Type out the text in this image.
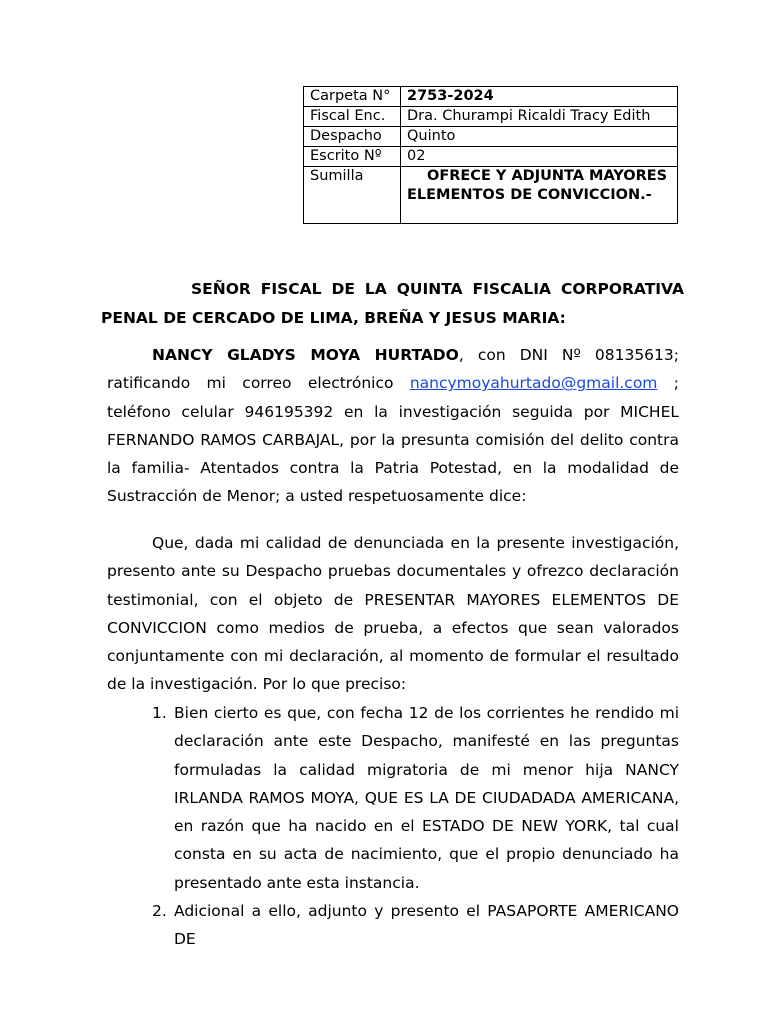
Carpeta N°	2753-2024
Fiscal Enc.	Dra. Churampi Ricaldi Tracy Edith
Despacho	Quinto
Escrito Nº	02
Sumilla	OFRECE Y ADJUNTA MAYORES ELEMENTOS DE CONVICCION.-
SEÑOR FISCAL DE LA QUINTA FISCALIA CORPORATIVA
PENAL DE CERCADO DE LIMA, BREÑA Y JESUS MARIA:
NANCY GLADYS MOYA HURTADO, con DNI Nº 08135613; ratificando mi correo electrónico nancymoyahurtado@gmail.com ; teléfono celular 946195392 en la investigación seguida por MICHEL FERNANDO RAMOS CARBAJAL, por la presunta comisión del delito contra la familia- Atentados contra la Patria Potestad, en la modalidad de Sustracción de Menor; a usted respetuosamente dice:
Que, dada mi calidad de denunciada en la presente investigación, presento ante su Despacho pruebas documentales y ofrezco declaración testimonial, con el objeto de PRESENTAR MAYORES ELEMENTOS DE CONVICCION como medios de prueba, a efectos que sean valorados conjuntamente con mi declaración, al momento de formular el resultado de la investigación. Por lo que preciso:
1. Bien cierto es que, con fecha 12 de los corrientes he rendido mi declaración ante este Despacho, manifesté en las preguntas formuladas la calidad migratoria de mi menor hija NANCY IRLANDA RAMOS MOYA, QUE ES LA DE CIUDADADA AMERICANA, en razón que ha nacido en el ESTADO DE NEW YORK, tal cual consta en su acta de nacimiento, que el propio denunciado ha presentado ante esta instancia.
2. Adicional a ello, adjunto y presento el PASAPORTE AMERICANO DE
